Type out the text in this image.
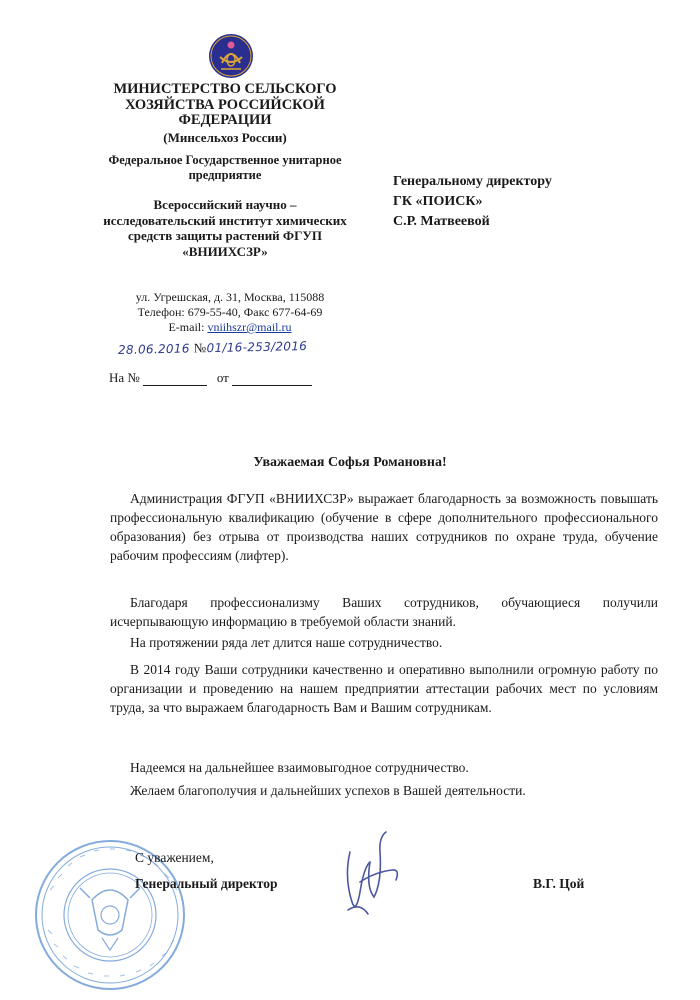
МИНИСТЕРСТВО СЕЛЬСКОГО ХОЗЯЙСТВА РОССИЙСКОЙ ФЕДЕРАЦИИ
(Минсельхоз России)
Федеральное Государственное унитарное предприятие
Всероссийский научно – исследовательский институт химических средств защиты растений ФГУП «ВНИИХСЗР»
ул. Угрешская, д. 31, Москва, 115088
Телефон: 679-55-40, Факс 677-64-69
E-mail: vniihszr@mail.ru
28.06.2016 №01/16-253/2016
На №	от
Генеральному директору
ГК «ПОИСК»
С.Р. Матвеевой
Уважаемая Софья Романовна!
Администрация ФГУП «ВНИИХСЗР» выражает благодарность за возможность повышать профессиональную квалификацию (обучение в сфере дополнительного профессионального образования) без отрыва от производства наших сотрудников по охране труда, обучение рабочим профессиям (лифтер).
Благодаря профессионализму Ваших сотрудников, обучающиеся получили исчерпывающую информацию в требуемой области знаний.
На протяжении ряда лет длится наше сотрудничество.
В 2014 году Ваши сотрудники качественно и оперативно выполнили огромную работу по организации и проведению на нашем предприятии аттестации рабочих мест по условиям труда, за что выражаем благодарность Вам и Вашим сотрудникам.
Надеемся на дальнейшее взаимовыгодное сотрудничество.
Желаем благополучия и дальнейших успехов в Вашей деятельности.
С уважением,
Генеральный директор	В.Г. Цой
